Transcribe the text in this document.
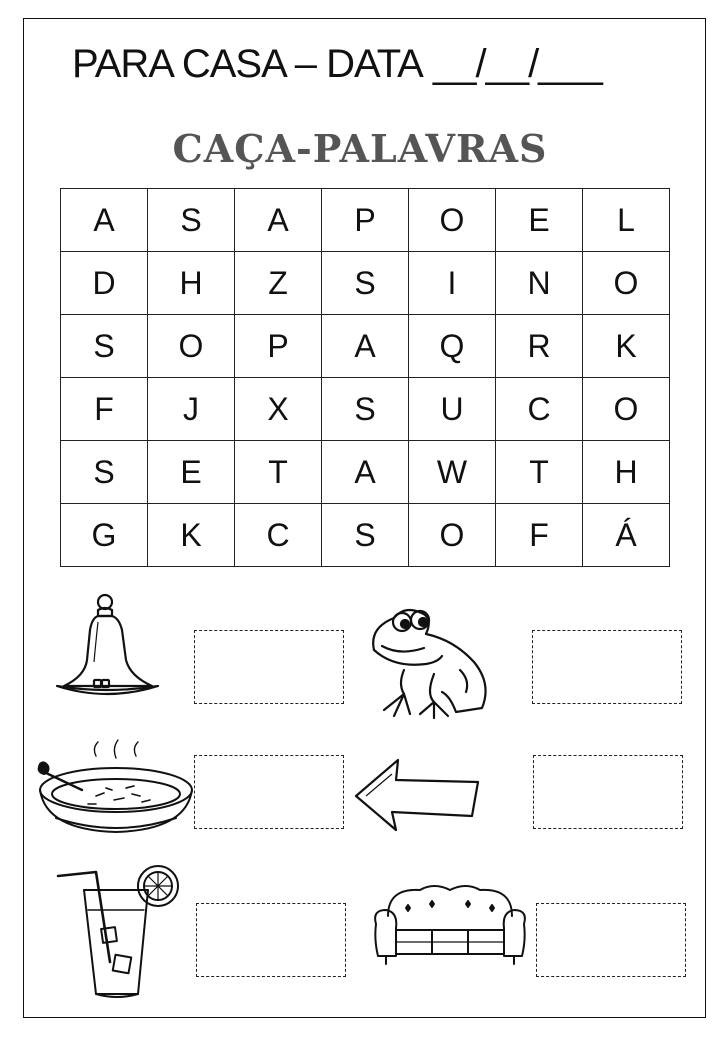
PARA CASA – DATA __/__/___
CAÇA-PALAVRAS
A	S	A	P	O	E	L
D	H	Z	S	I	N	O
S	O	P	A	Q	R	K
F	J	X	S	U	C	O
S	E	T	A	W	T	H
G	K	C	S	O	F	Á
